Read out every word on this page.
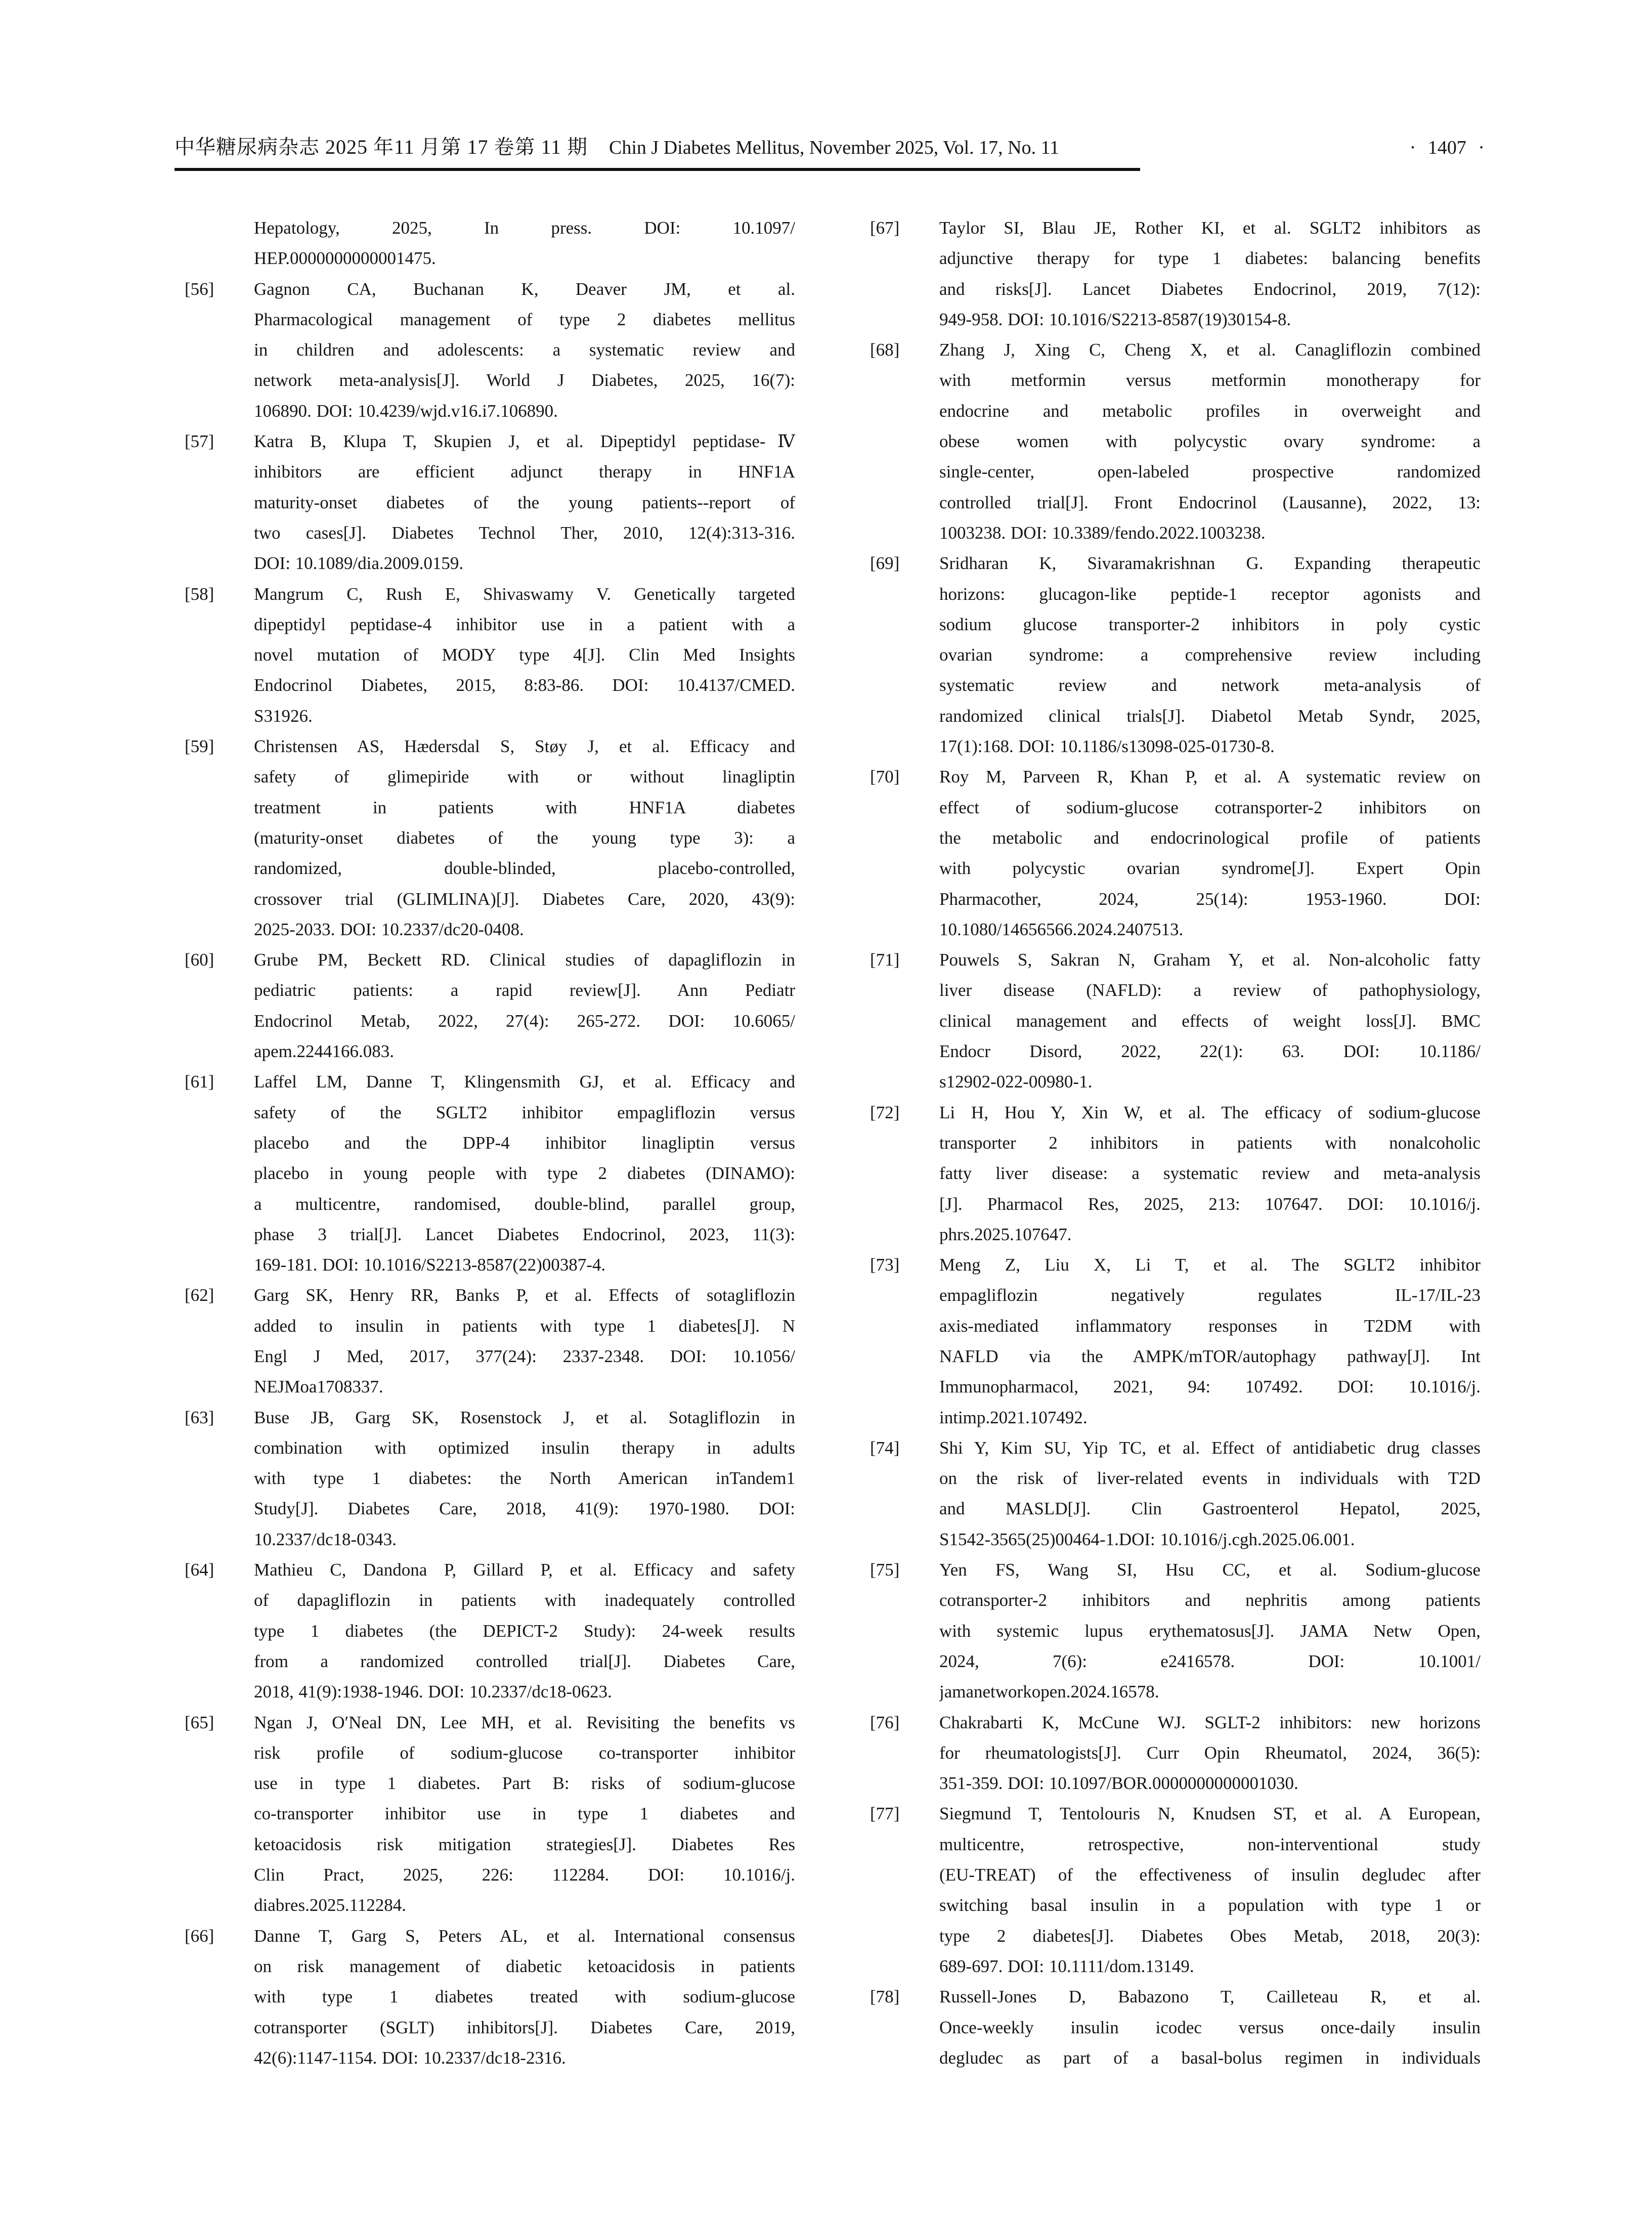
中华糖尿病杂志 2025 年11 月第 17 卷第 11 期 Chin J Diabetes Mellitus, November 2025, Vol. 17, No. 11	· 1407 ·
Hepatology, 2025, In press. DOI: 10.1097/
HEP.0000000000001475.
[56] Gagnon CA, Buchanan K, Deaver JM, et al.
Pharmacological management of type 2 diabetes mellitus
in children and adolescents: a systematic review and
network meta-analysis[J]. World J Diabetes, 2025, 16(7):
106890. DOI: 10.4239/wjd.v16.i7.106890.
[57] Katra B, Klupa T, Skupien J, et al. Dipeptidyl peptidase-Ⅳ
inhibitors are efficient adjunct therapy in HNF1A
maturity-onset diabetes of the young patients--report of
two cases[J]. Diabetes Technol Ther, 2010, 12(4):313-316.
DOI: 10.1089/dia.2009.0159.
[58] Mangrum C, Rush E, Shivaswamy V. Genetically targeted
dipeptidyl peptidase-4 inhibitor use in a patient with a
novel mutation of MODY type 4[J]. Clin Med Insights
Endocrinol Diabetes, 2015, 8:83-86. DOI: 10.4137/CMED.
S31926.
[59] Christensen AS, Hædersdal S, Støy J, et al. Efficacy and
safety of glimepiride with or without linagliptin
treatment in patients with HNF1A diabetes
(maturity-onset diabetes of the young type 3): a
randomized, double-blinded, placebo-controlled,
crossover trial (GLIMLINA)[J]. Diabetes Care, 2020, 43(9):
2025-2033. DOI: 10.2337/dc20-0408.
[60] Grube PM, Beckett RD. Clinical studies of dapagliflozin in
pediatric patients: a rapid review[J]. Ann Pediatr
Endocrinol Metab, 2022, 27(4): 265-272. DOI: 10.6065/
apem.2244166.083.
[61] Laffel LM, Danne T, Klingensmith GJ, et al. Efficacy and
safety of the SGLT2 inhibitor empagliflozin versus
placebo and the DPP-4 inhibitor linagliptin versus
placebo in young people with type 2 diabetes (DINAMO):
a multicentre, randomised, double-blind, parallel group,
phase 3 trial[J]. Lancet Diabetes Endocrinol, 2023, 11(3):
169-181. DOI: 10.1016/S2213-8587(22)00387-4.
[62] Garg SK, Henry RR, Banks P, et al. Effects of sotagliflozin
added to insulin in patients with type 1 diabetes[J]. N
Engl J Med, 2017, 377(24): 2337-2348. DOI: 10.1056/
NEJMoa1708337.
[63] Buse JB, Garg SK, Rosenstock J, et al. Sotagliflozin in
combination with optimized insulin therapy in adults
with type 1 diabetes: the North American inTandem1
Study[J]. Diabetes Care, 2018, 41(9): 1970-1980. DOI:
10.2337/dc18-0343.
[64] Mathieu C, Dandona P, Gillard P, et al. Efficacy and safety
of dapagliflozin in patients with inadequately controlled
type 1 diabetes (the DEPICT-2 Study): 24-week results
from a randomized controlled trial[J]. Diabetes Care,
2018, 41(9):1938-1946. DOI: 10.2337/dc18-0623.
[65] Ngan J, O′Neal DN, Lee MH, et al. Revisiting the benefits vs
risk profile of sodium-glucose co-transporter inhibitor
use in type 1 diabetes. Part B: risks of sodium-glucose
co-transporter inhibitor use in type 1 diabetes and
ketoacidosis risk mitigation strategies[J]. Diabetes Res
Clin Pract, 2025, 226: 112284. DOI: 10.1016/j.
diabres.2025.112284.
[66] Danne T, Garg S, Peters AL, et al. International consensus
on risk management of diabetic ketoacidosis in patients
with type 1 diabetes treated with sodium-glucose
cotransporter (SGLT) inhibitors[J]. Diabetes Care, 2019,
42(6):1147-1154. DOI: 10.2337/dc18-2316.
[67] Taylor SI, Blau JE, Rother KI, et al. SGLT2 inhibitors as
adjunctive therapy for type 1 diabetes: balancing benefits
and risks[J]. Lancet Diabetes Endocrinol, 2019, 7(12):
949-958. DOI: 10.1016/S2213-8587(19)30154-8.
[68] Zhang J, Xing C, Cheng X, et al. Canagliflozin combined
with metformin versus metformin monotherapy for
endocrine and metabolic profiles in overweight and
obese women with polycystic ovary syndrome: a
single-center, open-labeled prospective randomized
controlled trial[J]. Front Endocrinol (Lausanne), 2022, 13:
1003238. DOI: 10.3389/fendo.2022.1003238.
[69] Sridharan K, Sivaramakrishnan G. Expanding therapeutic
horizons: glucagon-like peptide-1 receptor agonists and
sodium glucose transporter-2 inhibitors in poly cystic
ovarian syndrome: a comprehensive review including
systematic review and network meta-analysis of
randomized clinical trials[J]. Diabetol Metab Syndr, 2025,
17(1):168. DOI: 10.1186/s13098-025-01730-8.
[70] Roy M, Parveen R, Khan P, et al. A systematic review on
effect of sodium-glucose cotransporter-2 inhibitors on
the metabolic and endocrinological profile of patients
with polycystic ovarian syndrome[J]. Expert Opin
Pharmacother, 2024, 25(14): 1953-1960. DOI:
10.1080/14656566.2024.2407513.
[71] Pouwels S, Sakran N, Graham Y, et al. Non-alcoholic fatty
liver disease (NAFLD): a review of pathophysiology,
clinical management and effects of weight loss[J]. BMC
Endocr Disord, 2022, 22(1): 63. DOI: 10.1186/
s12902-022-00980-1.
[72] Li H, Hou Y, Xin W, et al. The efficacy of sodium-glucose
transporter 2 inhibitors in patients with nonalcoholic
fatty liver disease: a systematic review and meta-analysis
[J]. Pharmacol Res, 2025, 213: 107647. DOI: 10.1016/j.
phrs.2025.107647.
[73] Meng Z, Liu X, Li T, et al. The SGLT2 inhibitor
empagliflozin negatively regulates IL-17/IL-23
axis-mediated inflammatory responses in T2DM with
NAFLD via the AMPK/mTOR/autophagy pathway[J]. Int
Immunopharmacol, 2021, 94: 107492. DOI: 10.1016/j.
intimp.2021.107492.
[74] Shi Y, Kim SU, Yip TC, et al. Effect of antidiabetic drug classes
on the risk of liver-related events in individuals with T2D
and MASLD[J]. Clin Gastroenterol Hepatol, 2025,
S1542-3565(25)00464-1.DOI: 10.1016/j.cgh.2025.06.001.
[75] Yen FS, Wang SI, Hsu CC, et al. Sodium-glucose
cotransporter-2 inhibitors and nephritis among patients
with systemic lupus erythematosus[J]. JAMA Netw Open,
2024, 7(6): e2416578. DOI: 10.1001/
jamanetworkopen.2024.16578.
[76] Chakrabarti K, McCune WJ. SGLT-2 inhibitors: new horizons
for rheumatologists[J]. Curr Opin Rheumatol, 2024, 36(5):
351-359. DOI: 10.1097/BOR.0000000000001030.
[77] Siegmund T, Tentolouris N, Knudsen ST, et al. A European,
multicentre, retrospective, non-interventional study
(EU-TREAT) of the effectiveness of insulin degludec after
switching basal insulin in a population with type 1 or
type 2 diabetes[J]. Diabetes Obes Metab, 2018, 20(3):
689-697. DOI: 10.1111/dom.13149.
[78] Russell-Jones D, Babazono T, Cailleteau R, et al.
Once-weekly insulin icodec versus once-daily insulin
degludec as part of a basal-bolus regimen in individuals
